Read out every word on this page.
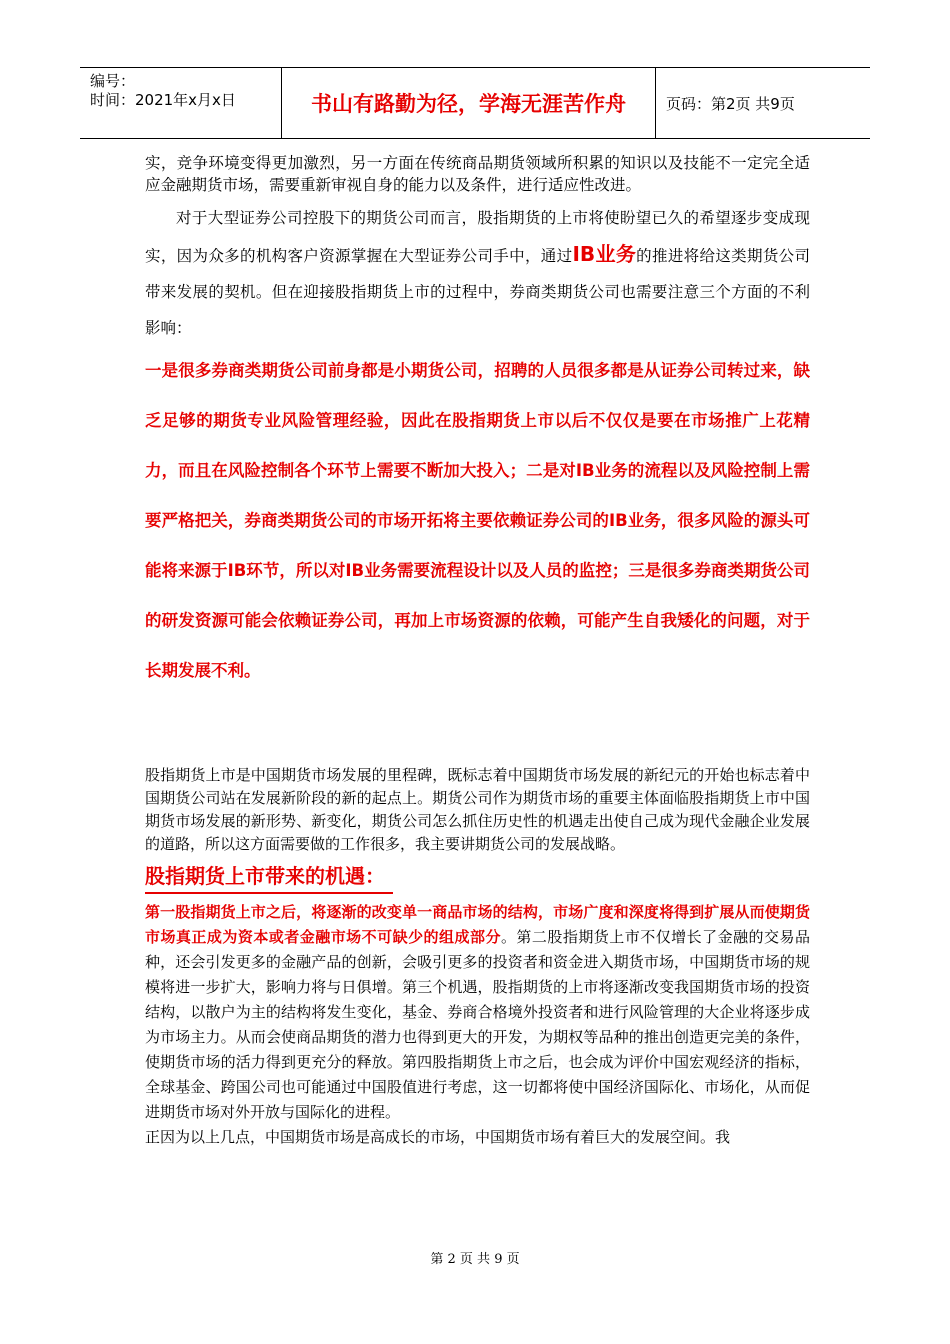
编号：
时间：2021年x月x日	书山有路勤为径，学海无涯苦作舟	页码：第2页 共9页

实，竞争环境变得更加激烈，另一方面在传统商品期货领域所积累的知识以及技能不一定完全适应金融期货市场，需要重新审视自身的能力以及条件，进行适应性改进。

对于大型证券公司控股下的期货公司而言，股指期货的上市将使盼望已久的希望逐步变成现实，因为众多的机构客户资源掌握在大型证券公司手中，通过IB业务的推进将给这类期货公司带来发展的契机。但在迎接股指期货上市的过程中，券商类期货公司也需要注意三个方面的不利影响：

一是很多券商类期货公司前身都是小期货公司，招聘的人员很多都是从证券公司转过来，缺乏足够的期货专业风险管理经验，因此在股指期货上市以后不仅仅是要在市场推广上花精力，而且在风险控制各个环节上需要不断加大投入；二是对IB业务的流程以及风险控制上需要严格把关，券商类期货公司的市场开拓将主要依赖证券公司的IB业务，很多风险的源头可能将来源于IB环节，所以对IB业务需要流程设计以及人员的监控；三是很多券商类期货公司的研发资源可能会依赖证券公司，再加上市场资源的依赖，可能产生自我矮化的问题，对于长期发展不利。

股指期货上市是中国期货市场发展的里程碑，既标志着中国期货市场发展的新纪元的开始也标志着中国期货公司站在发展新阶段的新的起点上。期货公司作为期货市场的重要主体面临股指期货上市中国期货市场发展的新形势、新变化，期货公司怎么抓住历史性的机遇走出使自己成为现代金融企业发展的道路，所以这方面需要做的工作很多，我主要讲期货公司的发展战略。

股指期货上市带来的机遇：

第一股指期货上市之后，将逐渐的改变单一商品市场的结构，市场广度和深度将得到扩展从而使期货市场真正成为资本或者金融市场不可缺少的组成部分。第二股指期货上市不仅增长了金融的交易品种，还会引发更多的金融产品的创新，会吸引更多的投资者和资金进入期货市场，中国期货市场的规模将进一步扩大，影响力将与日俱增。第三个机遇，股指期货的上市将逐渐改变我国期货市场的投资结构，以散户为主的结构将发生变化，基金、券商合格境外投资者和进行风险管理的大企业将逐步成为市场主力。从而会使商品期货的潜力也得到更大的开发，为期权等品种的推出创造更完美的条件，使期货市场的活力得到更充分的释放。第四股指期货上市之后，也会成为评价中国宏观经济的指标，全球基金、跨国公司也可能通过中国股值进行考虑，这一切都将使中国经济国际化、市场化，从而促进期货市场对外开放与国际化的进程。

正因为以上几点，中国期货市场是高成长的市场，中国期货市场有着巨大的发展空间。我

第 2 页 共 9 页
